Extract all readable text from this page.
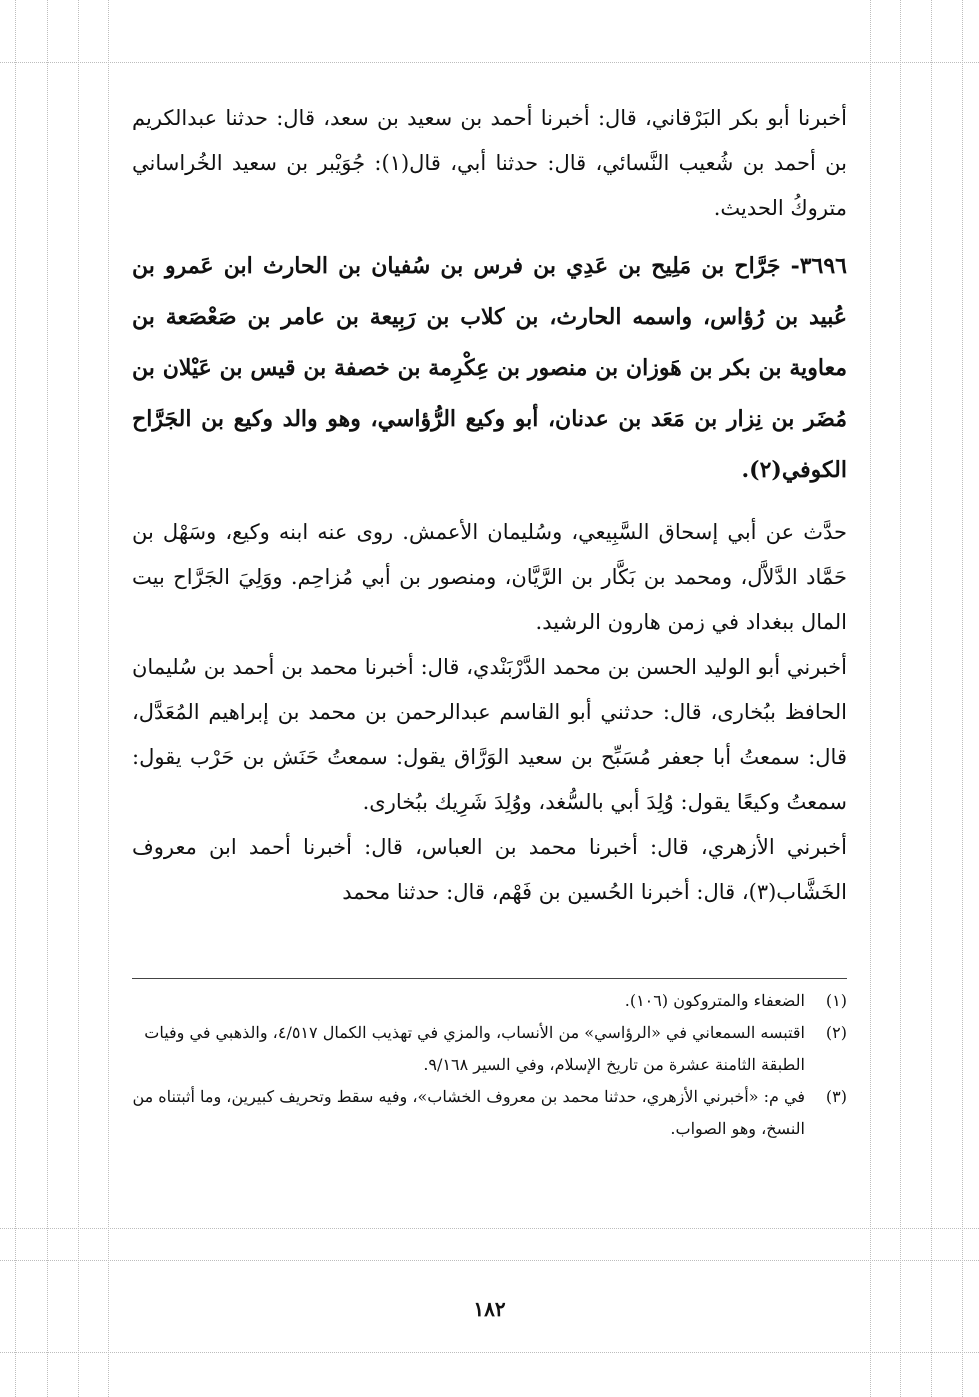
أخبرنا أبو بكر البَرْقاني، قال: أخبرنا أحمد بن سعيد بن سعد، قال: حدثنا عبدالكريم بن أحمد بن شُعيب النَّسائي، قال: حدثنا أبي، قال(١): جُوَيْبر بن سعيد الخُراساني متروكُ الحديث.

٣٦٩٦- جَرَّاح بن مَلِيح بن عَدِي بن فرس بن سُفيان بن الحارث ابن عَمرو بن عُبيد بن رُؤاس، واسمه الحارث، بن كلاب بن رَبِيعة بن عامر بن صَعْصَعة بن معاوية بن بكر بن هَوزان بن منصور بن عِكْرِمة بن خصفة بن قيس بن عَيْلان بن مُضَر بن نِزار بن مَعَد بن عدنان، أبو وكيع الرُّؤاسي، وهو والد وكيع بن الجَرَّاح الكوفي(٢).

حدَّث عن أبي إسحاق السَّبِيعي، وسُليمان الأعمش. روى عنه ابنه وكيع، وسَهْل بن حَمَّاد الدَّلاَّل، ومحمد بن بَكَّار بن الرَّيَّان، ومنصور بن أبي مُزاحِم. ووَلِيَ الجَرَّاح بيت المال ببغداد في زمن هارون الرشيد.

أخبرني أبو الوليد الحسن بن محمد الدَّرْبَنْدي، قال: أخبرنا محمد بن أحمد بن سُليمان الحافظ ببُخارى، قال: حدثني أبو القاسم عبدالرحمن بن محمد بن إبراهيم المُعَدَّل، قال: سمعتُ أبا جعفر مُسَبِّح بن سعيد الوَرَّاق يقول: سمعتُ حَنَش بن حَرْب يقول: سمعتُ وكيعًا يقول: وُلِدَ أبي بالسُّغد، ووُلِدَ شَرِيك ببُخارى.

أخبرني الأزهري، قال: أخبرنا محمد بن العباس، قال: أخبرنا أحمد ابن معروف الخَشَّاب(٣)، قال: أخبرنا الحُسين بن فَهْم، قال: حدثنا محمد

(١)
الضعفاء والمتروكون (١٠٦).
(٢)
اقتبسه السمعاني في «الرؤاسي» من الأنساب، والمزي في تهذيب الكمال ٤/٥١٧، والذهبي في وفيات الطبقة الثامنة عشرة من تاريخ الإسلام، وفي السير ٩/١٦٨.
(٣)
في م: «أخبرني الأزهري، حدثنا محمد بن معروف الخشاب»، وفيه سقط وتحريف كبيرين، وما أثبتناه من النسخ، وهو الصواب.
١٨٢
